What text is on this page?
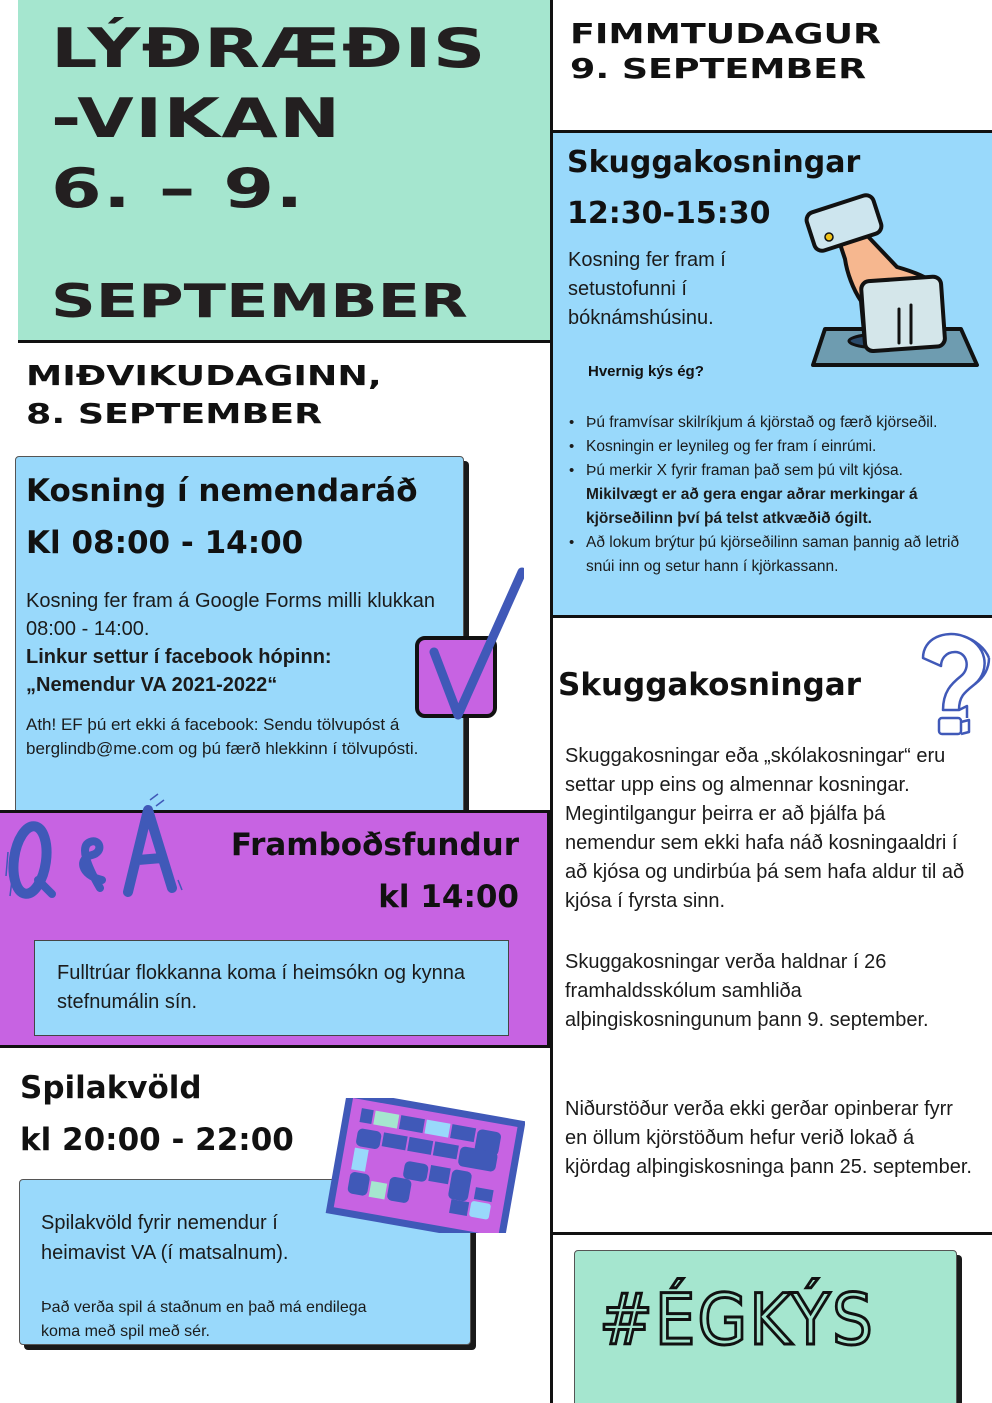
LÝÐRÆÐIS
-VIKAN
6. – 9.
SEPTEMBER
MIÐVIKUDAGINN,
8. SEPTEMBER
Kosning í nemendaráð
Kl 08:00 - 14:00
Kosning fer fram á Google Forms milli klukkan 08:00 - 14:00.
Linkur settur í facebook hópinn:
„Nemendur VA 2021-2022“
Ath! EF þú ert ekki á facebook: Sendu tölvupóst á berglindb@me.com og þú færð hlekkinn í tölvupósti.
Framboðsfundur
kl 14:00
Fulltrúar flokkanna koma í heimsókn og kynna stefnumálin sín.
Spilakvöld
kl 20:00 - 22:00
Spilakvöld fyrir nemendur í heimavist VA (í matsalnum).
Það verða spil á staðnum en það má endilega koma með spil með sér.
FIMMTUDAGUR
9. SEPTEMBER
Skuggakosningar
12:30-15:30
Kosning fer fram í setustofunni í bóknámshúsinu.
Hvernig kýs ég?
• Þú framvísar skilríkjum á kjörstað og færð kjörseðil.
• Kosningin er leynileg og fer fram í einrúmi.
• Þú merkir X fyrir framan það sem þú vilt kjósa.
Mikilvægt er að gera engar aðrar merkingar á kjörseðilinn því þá telst atkvæðið ógilt.
• Að lokum brýtur þú kjörseðilinn saman þannig að letrið snúi inn og setur hann í kjörkassann.
Skuggakosningar
Skuggakosningar eða „skólakosningar“ eru settar upp eins og almennar kosningar. Megintilgangur þeirra er að þjálfa þá nemendur sem ekki hafa náð kosningaaldri í að kjósa og undirbúa þá sem hafa aldur til að kjósa í fyrsta sinn.
Skuggakosningar verða haldnar í 26 framhaldsskólum samhliða alþingiskosningunum þann 9. september.
Niðurstöður verða ekki gerðar opinberar fyrr en öllum kjörstöðum hefur verið lokað á kjördag alþingiskosninga þann 25. september.
#ÉGKÝS
